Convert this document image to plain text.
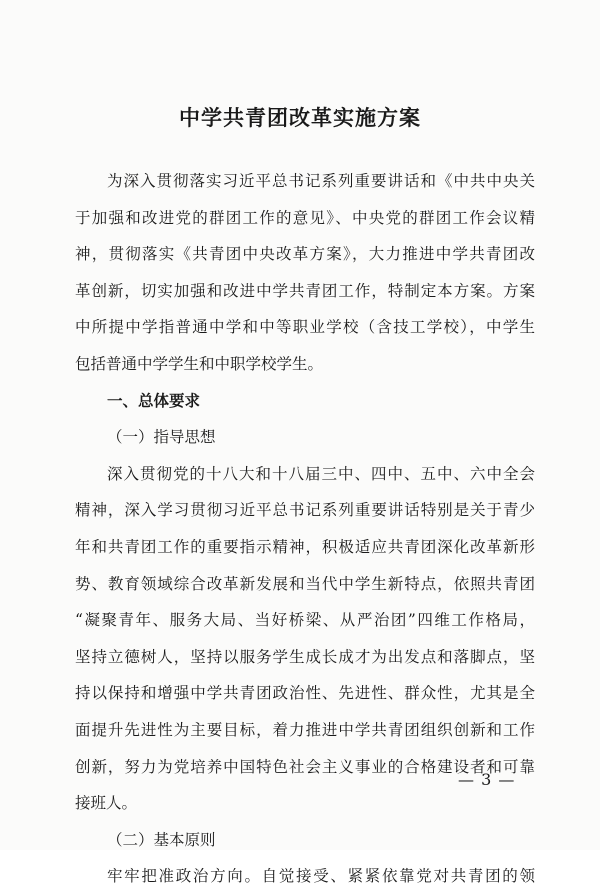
中学共青团改革实施方案
为深入贯彻落实习近平总书记系列重要讲话和《中共中央关
于加强和改进党的群团工作的意见》、中央党的群团工作会议精
神，贯彻落实《共青团中央改革方案》，大力推进中学共青团改
革创新，切实加强和改进中学共青团工作，特制定本方案。方案
中所提中学指普通中学和中等职业学校（含技工学校），中学生
包括普通中学学生和中职学校学生。
一、总体要求
（一）指导思想
深入贯彻党的十八大和十八届三中、四中、五中、六中全会
精神，深入学习贯彻习近平总书记系列重要讲话特别是关于青少
年和共青团工作的重要指示精神，积极适应共青团深化改革新形
势、教育领域综合改革新发展和当代中学生新特点，依照共青团
“凝聚青年、服务大局、当好桥梁、从严治团”四维工作格局，
坚持立德树人，坚持以服务学生成长成才为出发点和落脚点，坚
持以保持和增强中学共青团政治性、先进性、群众性，尤其是全
面提升先进性为主要目标，着力推进中学共青团组织创新和工作
创新，努力为党培养中国特色社会主义事业的合格建设者和可靠
接班人。
（二）基本原则
牢牢把准政治方向。自觉接受、紧紧依靠党对共青团的领
— 3 —
